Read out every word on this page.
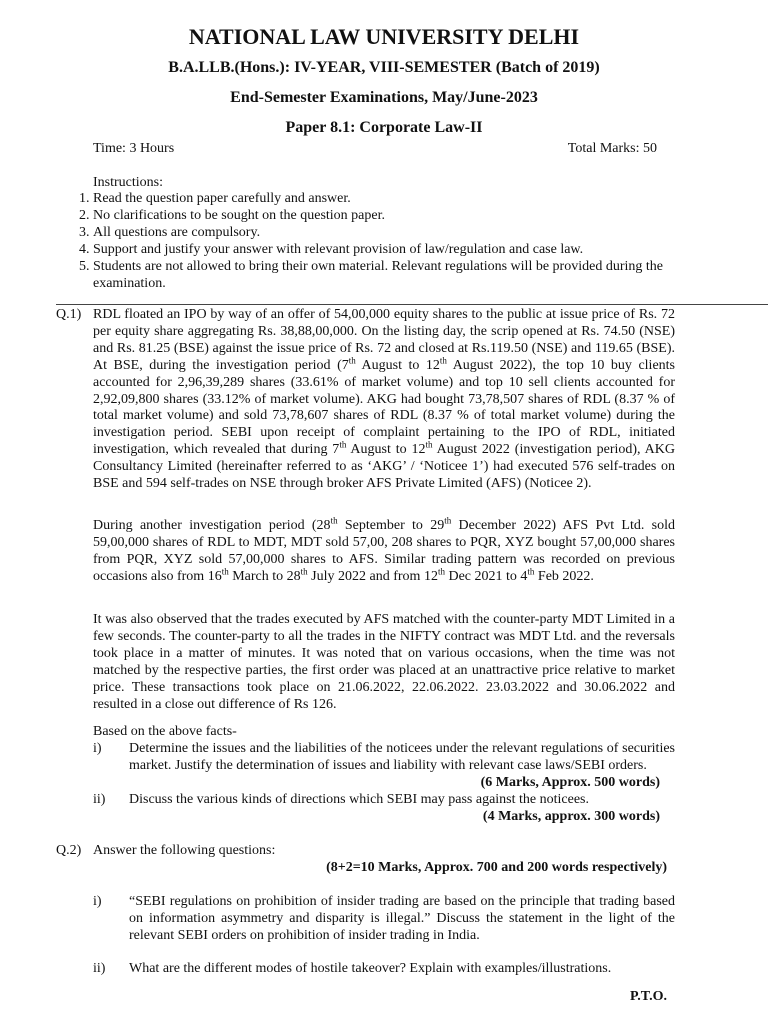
NATIONAL LAW UNIVERSITY DELHI
B.A.LLB.(Hons.): IV-YEAR, VIII-SEMESTER (Batch of 2019)
End-Semester Examinations, May/June-2023
Paper 8.1: Corporate Law-II
Time: 3 Hours	Total Marks: 50
Instructions:
1. Read the question paper carefully and answer.
2. No clarifications to be sought on the question paper.
3. All questions are compulsory.
4. Support and justify your answer with relevant provision of law/regulation and case law.
5. Students are not allowed to bring their own material. Relevant regulations will be provided during the examination.
Q.1) RDL floated an IPO by way of an offer of 54,00,000 equity shares to the public at issue price of Rs. 72 per equity share aggregating Rs. 38,88,00,000. On the listing day, the scrip opened at Rs. 74.50 (NSE) and Rs. 81.25 (BSE) against the issue price of Rs. 72 and closed at Rs.119.50 (NSE) and 119.65 (BSE). At BSE, during the investigation period (7th August to 12th August 2022), the top 10 buy clients accounted for 2,96,39,289 shares (33.61% of market volume) and top 10 sell clients accounted for 2,92,09,800 shares (33.12% of market volume). AKG had bought 73,78,507 shares of RDL (8.37 % of total market volume) and sold 73,78,607 shares of RDL (8.37 % of total market volume) during the investigation period. SEBI upon receipt of complaint pertaining to the IPO of RDL, initiated investigation, which revealed that during 7th August to 12th August 2022 (investigation period), AKG Consultancy Limited (hereinafter referred to as ‘AKG’ / ‘Noticee 1’) had executed 576 self-trades on BSE and 594 self-trades on NSE through broker AFS Private Limited (AFS) (Noticee 2).
During another investigation period (28th September to 29th December 2022) AFS Pvt Ltd. sold 59,00,000 shares of RDL to MDT, MDT sold 57,00, 208 shares to PQR, XYZ bought 57,00,000 shares from PQR, XYZ sold 57,00,000 shares to AFS. Similar trading pattern was recorded on previous occasions also from 16th March to 28th July 2022 and from 12th Dec 2021 to 4th Feb 2022.
It was also observed that the trades executed by AFS matched with the counter-party MDT Limited in a few seconds. The counter-party to all the trades in the NIFTY contract was MDT Ltd. and the reversals took place in a matter of minutes. It was noted that on various occasions, when the time was not matched by the respective parties, the first order was placed at an unattractive price relative to market price. These transactions took place on 21.06.2022, 22.06.2022. 23.03.2022 and 30.06.2022 and resulted in a close out difference of Rs 126.
Based on the above facts-
i) Determine the issues and the liabilities of the noticees under the relevant regulations of securities market. Justify the determination of issues and liability with relevant case laws/SEBI orders.
(6 Marks, Approx. 500 words)
ii) Discuss the various kinds of directions which SEBI may pass against the noticees.
(4 Marks, approx. 300 words)
Q.2) Answer the following questions:
(8+2=10 Marks, Approx. 700 and 200 words respectively)
i) “SEBI regulations on prohibition of insider trading are based on the principle that trading based on information asymmetry and disparity is illegal.” Discuss the statement in the light of the relevant SEBI orders on prohibition of insider trading in India.
ii) What are the different modes of hostile takeover? Explain with examples/illustrations.
P.T.O.
